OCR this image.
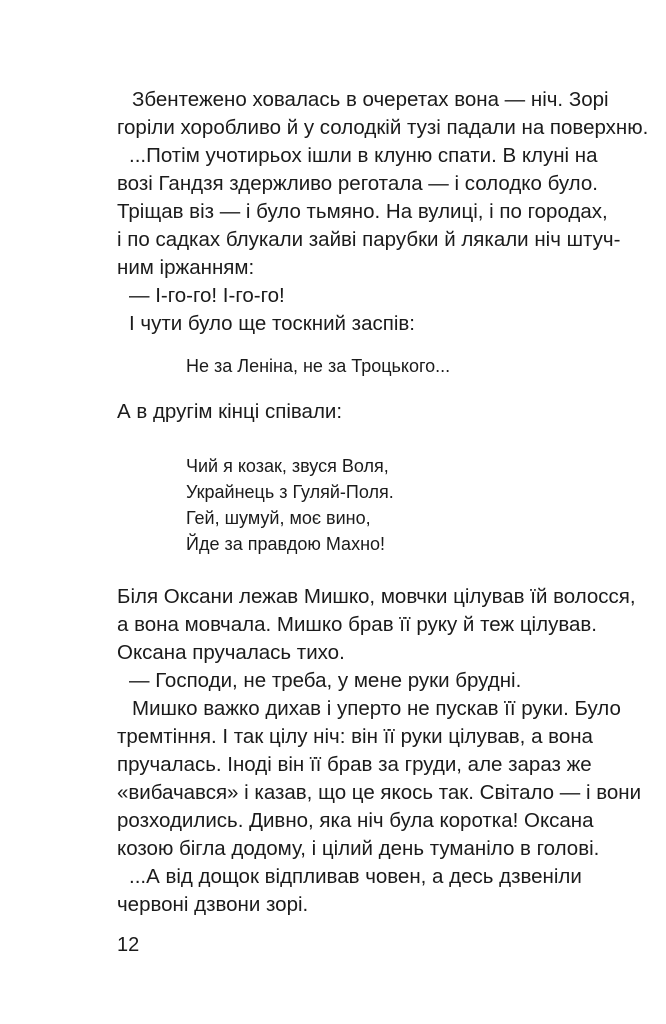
Збентежено ховалась в очеретах вона — ніч. Зорі
горіли хоробливо й у солодкій тузі падали на поверхню.
...Потім учотирьох ішли в клуню спати. В клуні на
возі Гандзя здержливо реготала — і солодко було.
Тріщав віз — і було тьмяно. На вулиці, і по городах,
і по садках блукали зайві парубки й лякали ніч штуч-
ним іржанням:
— І-го-го! І-го-го!
І чути було ще тоскний заспів:
Не за Леніна, не за Троцького...
А в другім кінці співали:
Чий я козак, звуся Воля,
Украйнець з Гуляй-Поля.
Гей, шумуй, моє вино,
Йде за правдою Махно!
Біля Оксани лежав Мишко, мовчки цілував їй волосся,
а вона мовчала. Мишко брав її руку й теж цілував.
Оксана пручалась тихо.
— Господи, не треба, у мене руки брудні.
Мишко важко дихав і уперто не пускав її руки. Було
тремтіння. І так цілу ніч: він її руки цілував, а вона
пручалась. Іноді він її брав за груди, але зараз же
«вибачався» і казав, що це якось так. Світало — і вони
розходились. Дивно, яка ніч була коротка! Оксана
козою бігла додому, і цілий день туманіло в голові.
...А від дощок відпливав човен, а десь дзвеніли
червоні дзвони зорі.
12
